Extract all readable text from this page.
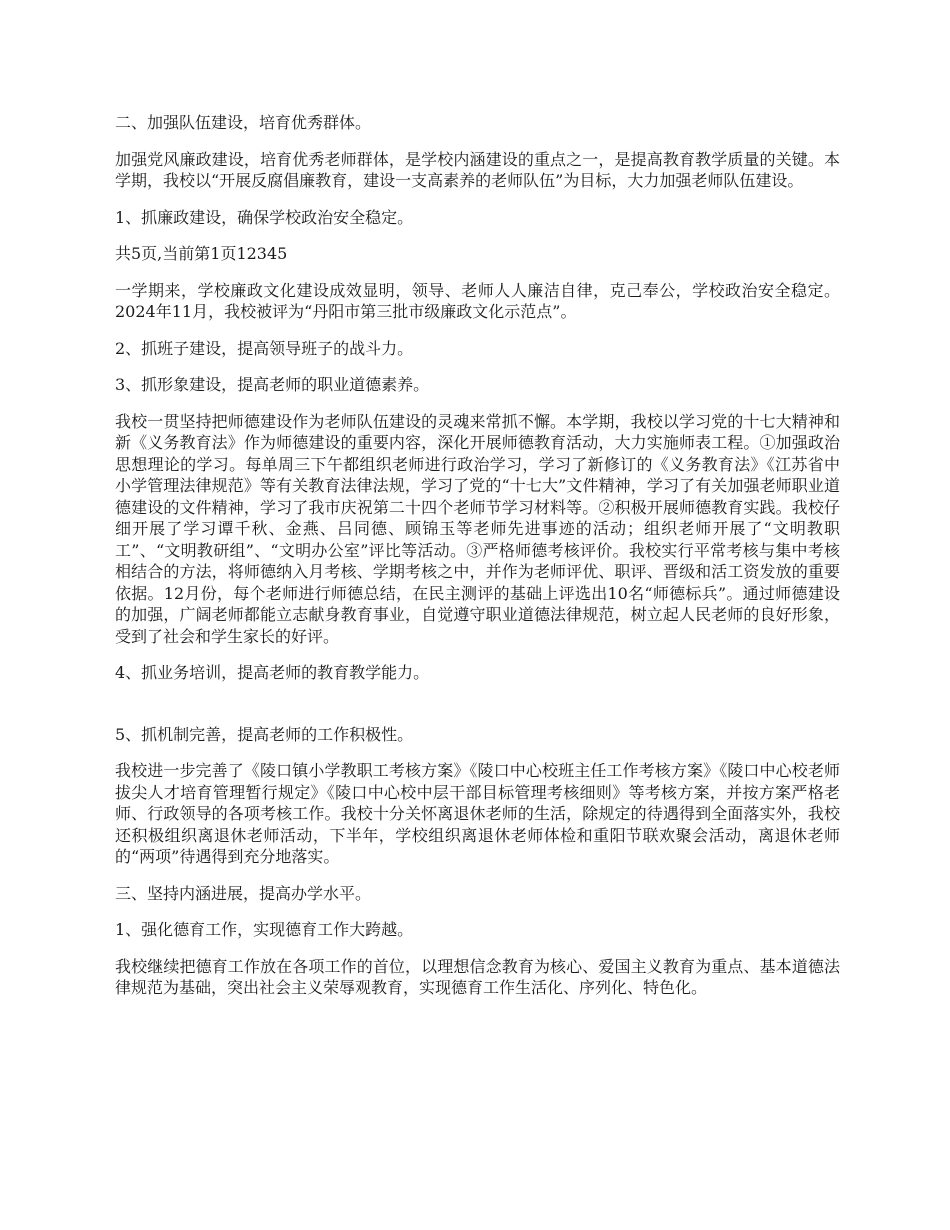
二、加强队伍建设，培育优秀群体。

加强党风廉政建设，培育优秀老师群体，是学校内涵建设的重点之一，是提高教育教学质量的关键。本学期，我校以“开展反腐倡廉教育，建设一支高素养的老师队伍”为目标，大力加强老师队伍建设。

1、抓廉政建设，确保学校政治安全稳定。

共5页,当前第1页12345

一学期来，学校廉政文化建设成效显明，领导、老师人人廉洁自律，克己奉公，学校政治安全稳定。2024年11月，我校被评为“丹阳市第三批市级廉政文化示范点”。

2、抓班子建设，提高领导班子的战斗力。

3、抓形象建设，提高老师的职业道德素养。

我校一贯坚持把师德建设作为老师队伍建设的灵魂来常抓不懈。本学期，我校以学习党的十七大精神和新《义务教育法》作为师德建设的重要内容，深化开展师德教育活动，大力实施师表工程。①加强政治思想理论的学习。每单周三下午都组织老师进行政治学习，学习了新修订的《义务教育法》《江苏省中小学管理法律规范》等有关教育法律法规，学习了党的“十七大”文件精神，学习了有关加强老师职业道德建设的文件精神，学习了我市庆祝第二十四个老师节学习材料等。②积极开展师德教育实践。我校仔细开展了学习谭千秋、金燕、吕同德、顾锦玉等老师先进事迹的活动；组织老师开展了“文明教职工”、“文明教研组”、“文明办公室”评比等活动。③严格师德考核评价。我校实行平常考核与集中考核相结合的方法，将师德纳入月考核、学期考核之中，并作为老师评优、职评、晋级和活工资发放的重要依据。12月份，每个老师进行师德总结，在民主测评的基础上评选出10名“师德标兵”。通过师德建设的加强，广阔老师都能立志献身教育事业，自觉遵守职业道德法律规范，树立起人民老师的良好形象，受到了社会和学生家长的好评。

4、抓业务培训，提高老师的教育教学能力。

5、抓机制完善，提高老师的工作积极性。

我校进一步完善了《陵口镇小学教职工考核方案》《陵口中心校班主任工作考核方案》《陵口中心校老师拔尖人才培育管理暂行规定》《陵口中心校中层干部目标管理考核细则》等考核方案，并按方案严格老师、行政领导的各项考核工作。我校十分关怀离退休老师的生活，除规定的待遇得到全面落实外，我校还积极组织离退休老师活动，下半年，学校组织离退休老师体检和重阳节联欢聚会活动，离退休老师的“两项”待遇得到充分地落实。

三、坚持内涵进展，提高办学水平。

1、强化德育工作，实现德育工作大跨越。

我校继续把德育工作放在各项工作的首位，以理想信念教育为核心、爱国主义教育为重点、基本道德法律规范为基础，突出社会主义荣辱观教育，实现德育工作生活化、序列化、特色化。
